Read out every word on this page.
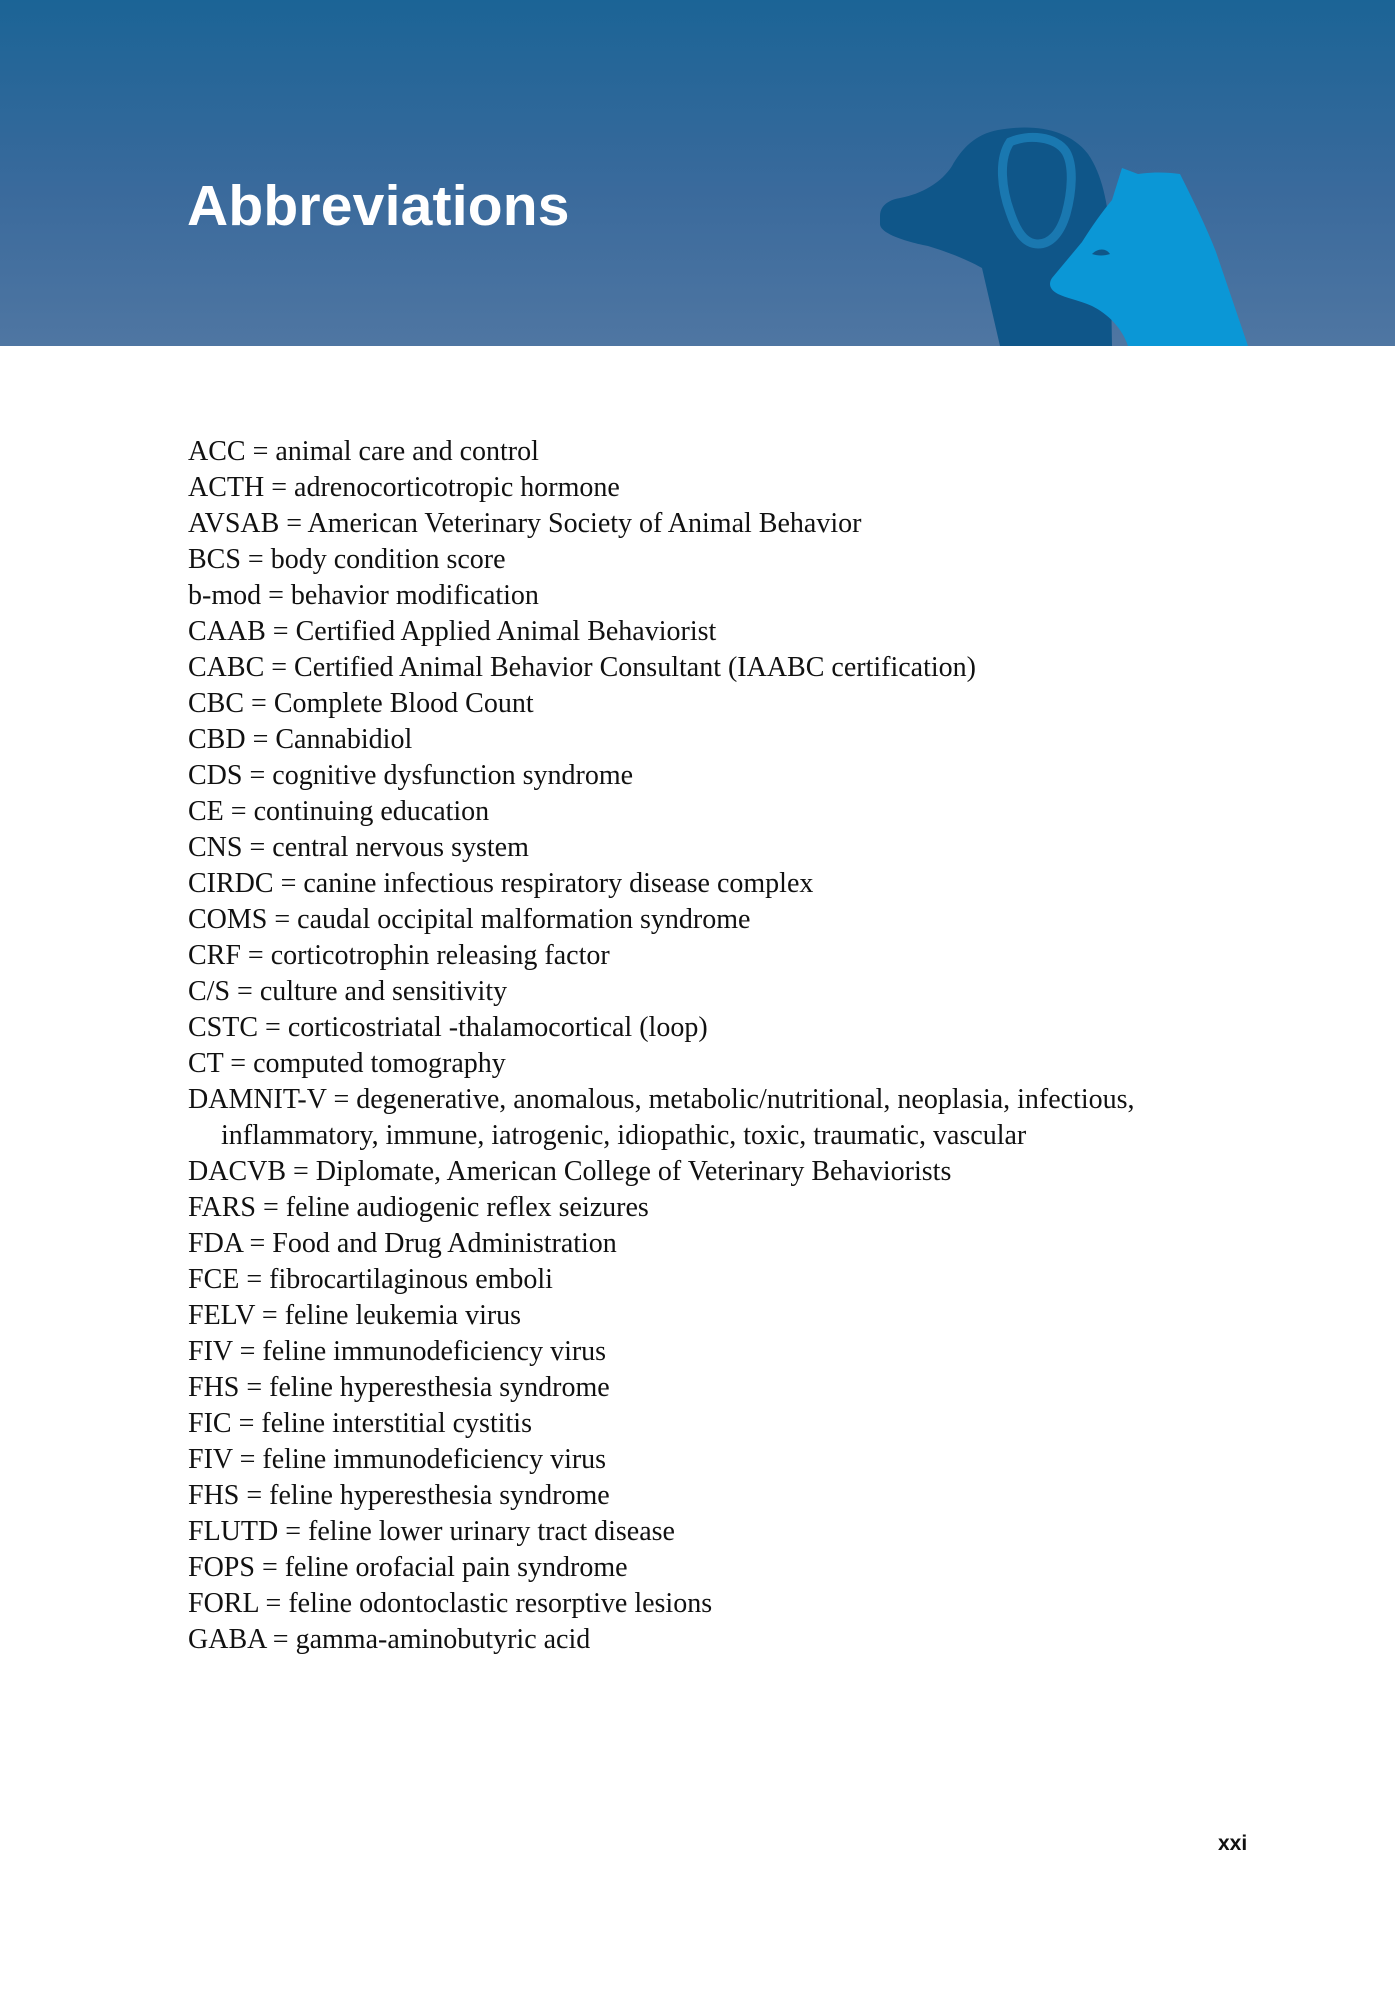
Abbreviations
ACC = animal care and control
ACTH = adrenocorticotropic hormone
AVSAB = American Veterinary Society of Animal Behavior
BCS = body condition score
b-mod = behavior modification
CAAB = Certified Applied Animal Behaviorist
CABC = Certified Animal Behavior Consultant (IAABC certification)
CBC = Complete Blood Count
CBD = Cannabidiol
CDS = cognitive dysfunction syndrome
CE = continuing education
CNS = central nervous system
CIRDC = canine infectious respiratory disease complex
COMS = caudal occipital malformation syndrome
CRF = corticotrophin releasing factor
C/S = culture and sensitivity
CSTC = corticostriatal -thalamocortical (loop)
CT = computed tomography
DAMNIT-V = degenerative, anomalous, metabolic/nutritional, neoplasia, infectious, inflammatory, immune, iatrogenic, idiopathic, toxic, traumatic, vascular
DACVB = Diplomate, American College of Veterinary Behaviorists
FARS = feline audiogenic reflex seizures
FDA = Food and Drug Administration
FCE = fibrocartilaginous emboli
FELV = feline leukemia virus
FIV = feline immunodeficiency virus
FHS = feline hyperesthesia syndrome
FIC = feline interstitial cystitis
FIV = feline immunodeficiency virus
FHS = feline hyperesthesia syndrome
FLUTD = feline lower urinary tract disease
FOPS = feline orofacial pain syndrome
FORL = feline odontoclastic resorptive lesions
GABA = gamma-aminobutyric acid
xxi
